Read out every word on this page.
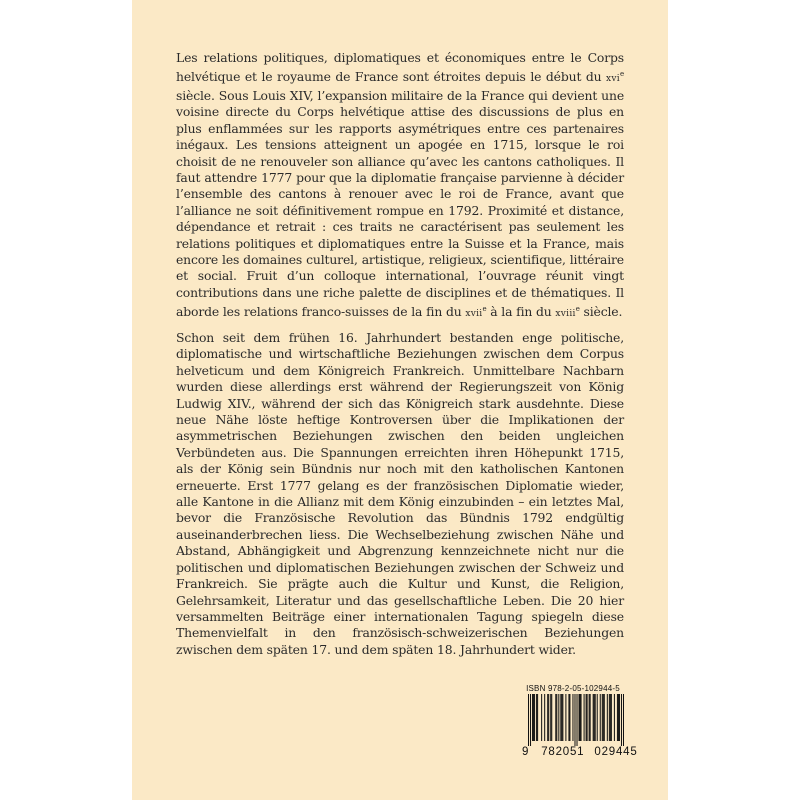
Les relations politiques, diplomatiques et économiques entre le Corps helvétique et le royaume de France sont étroites depuis le début du xvi$^e$ siècle. Sous Louis XIV, l’expansion militaire de la France qui devient une voisine directe du Corps helvétique attise des discussions de plus en plus enflammées sur les rapports asymétriques entre ces partenaires inégaux. Les tensions atteignent un apogée en 1715, lorsque le roi choisit de ne renouveler son alliance qu’avec les cantons catholiques. Il faut attendre 1777 pour que la diplomatie française parvienne à décider l’ensemble des cantons à renouer avec le roi de France, avant que l’alliance ne soit définitivement rompue en 1792. Proximité et distance, dépendance et retrait : ces traits ne caractérisent pas seulement les relations politiques et diplomatiques entre la Suisse et la France, mais encore les domaines culturel, artistique, religieux, scientifique, littéraire et social. Fruit d’un colloque international, l’ouvrage réunit vingt contributions dans une riche palette de disciplines et de thématiques. Il aborde les relations franco-suisses de la fin du xvii$^e$ à la fin du xviii$^e$ siècle.

Schon seit dem frühen 16. Jahrhundert bestanden enge politische, diplomatische und wirtschaftliche Beziehungen zwischen dem Corpus helveticum und dem Königreich Frankreich. Unmittelbare Nachbarn wurden diese allerdings erst während der Regierungszeit von König Ludwig XIV., während der sich das Königreich stark ausdehnte. Diese neue Nähe löste heftige Kontroversen über die Implikationen der asymmetrischen Beziehungen zwischen den beiden ungleichen Verbündeten aus. Die Spannungen erreichten ihren Höhepunkt 1715, als der König sein Bündnis nur noch mit den katholischen Kantonen erneuerte. Erst 1777 gelang es der französischen Diplomatie wieder, alle Kantone in die Allianz mit dem König einzubinden – ein letztes Mal, bevor die Französische Revolution das Bündnis 1792 endgültig auseinanderbrechen liess. Die Wechselbeziehung zwischen Nähe und Abstand, Abhängigkeit und Abgrenzung kennzeichnete nicht nur die politischen und diplomatischen Beziehungen zwischen der Schweiz und Frankreich. Sie prägte auch die Kultur und Kunst, die Religion, Gelehrsamkeit, Literatur und das gesellschaftliche Leben. Die 20 hier versammelten Beiträge einer internationalen Tagung spiegeln diese Themenvielfalt in den französisch-schweizerischen Beziehungen zwischen dem späten 17. und dem späten 18. Jahrhundert wider.

ISBN 978-2-05-102944-5
9 782051 029445
